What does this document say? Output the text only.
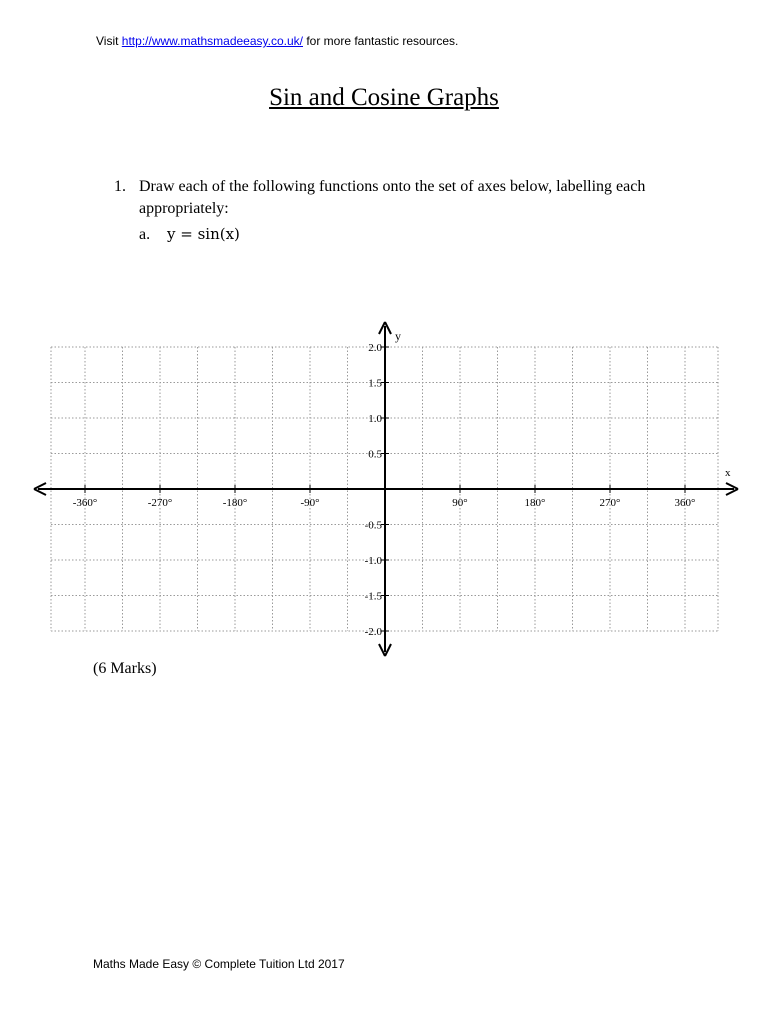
Visit http://www.mathsmadeeasy.co.uk/ for more fantastic resources.
Sin and Cosine Graphs
1. Draw each of the following functions onto the set of axes below, labelling each appropriately:
a. y = sin(x)
x
y
-360°	-270°	-180°	-90°	90°	180°	270°	360°
2.0
1.5
1.0
0.5
-0.5
-1.0
-1.5
-2.0
(6 Marks)
Maths Made Easy © Complete Tuition Ltd 2017
